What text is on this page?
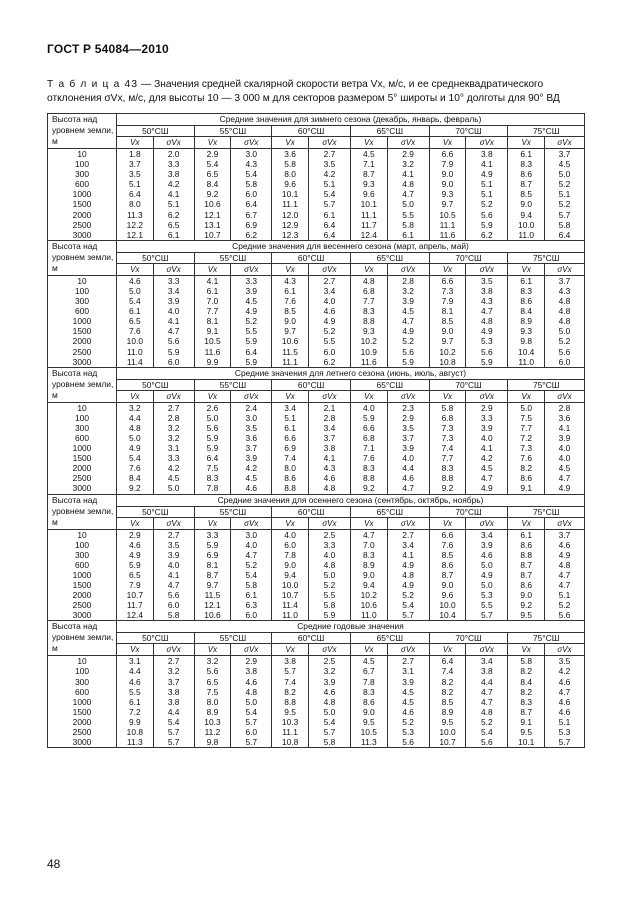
ГОСТ Р 54084—2010
Т а б л и ц а 43 — Значения средней скалярной скорости ветра Vx, м/с, и ее среднеквадратического отклонения σVx, м/с, для высоты 10 — 3 000 м для секторов размером 5° широты и 10° долготы для 90° ВД
Высота над уровнем земли, м	Средние значения для зимнего сезона (декабрь, январь, февраль)											
	50°СШ		55°СШ		60°СШ		65°СШ		70°СШ		75°СШ	
	Vx	σVx	Vx	σVx	Vx	σVx	Vx	σVx	Vx	σVx	Vx	σVx
10	1.8	2.0	2.9	3.0	3.6	2.7	4.5	2.9	6.6	3.8	6.1	3.7
100	3.7	3.3	5.4	4.3	5.8	3.5	7.1	3.2	7.9	4.1	8.3	4.5
300	3.5	3.8	6.5	5.4	8.0	4.2	8.7	4.1	9.0	4.9	8.6	5.0
600	5.1	4.2	8.4	5.8	9.6	5.1	9.3	4.8	9.0	5.1	8.7	5.2
1000	6.4	4.1	9.2	6.0	10.1	5.4	9.6	4.7	9.3	5.1	8.5	5.1
1500	8.0	5.1	10.6	6.4	11.1	5.7	10.1	5.0	9.7	5.2	9.0	5.2
2000	11.3	6.2	12.1	6.7	12.0	6.1	11.1	5.5	10.5	5.6	9.4	5.7
2500	12.2	6.5	13.1	6.9	12.9	6.4	11.7	5.8	11.1	5.9	10.0	5.8
3000	12.1	6.1	10.7	6.2	12.3	6.4	12.4	6.1	11.6	6.2	11.0	6.4
Высота над уровнем земли, м	Средние значения для весеннего сезона (март, апрель, май)											
	50°СШ		55°СШ		60°СШ		65°СШ		70°СШ		75°СШ	
	Vx	σVx	Vx	σVx	Vx	σVx	Vx	σVx	Vx	σVx	Vx	σVx
10	4.6	3.3	4.1	3.3	4.3	2.7	4.8	2.8	6.6	3.5	6.1	3.7
100	5.0	3.4	6.1	3.9	6.1	3.4	6.8	3.2	7.3	3.8	8.3	4.3
300	5.4	3.9	7.0	4.5	7.6	4.0	7.7	3.9	7.9	4.3	8.6	4.8
600	6.1	4.0	7.7	4.9	8.5	4.6	8.3	4.5	8.1	4.7	8.4	4.8
1000	6.5	4.1	8.1	5.2	9.0	4.9	8.8	4.7	8.5	4.8	8.9	4.8
1500	7.6	4.7	9.1	5.5	9.7	5.2	9.3	4.9	9.0	4.9	9.3	5.0
2000	10.0	5.6	10.5	5.9	10.6	5.5	10.2	5.2	9.7	5.3	9.8	5.2
2500	11.0	5.9	11.6	6.4	11.5	6.0	10.9	5.6	10.2	5.6	10.4	5.6
3000	11.4	6.0	9.9	5.9	11.1	6.2	11.6	5.9	10.8	5.9	11.0	6.0
Высота над уровнем земли, м	Средние значения для летнего сезона (июнь, июль, август)											
	50°СШ		55°СШ		60°СШ		65°СШ		70°СШ		75°СШ	
	Vx	σVx	Vx	σVx	Vx	σVx	Vx	σVx	Vx	σVx	Vx	σVx
10	3.2	2.7	2.6	2.4	3.4	2.1	4.0	2.3	5.8	2.9	5.0	2.8
100	4.4	2.8	5.0	3.0	5.1	2.8	5.9	2.9	6.8	3.3	7.5	3.6
300	4.8	3.2	5.6	3.5	6.1	3.4	6.6	3.5	7.3	3.9	7.7	4.1
600	5.0	3.2	5.9	3.6	6.6	3.7	6.8	3.7	7.3	4.0	7.2	3.9
1000	4.9	3.1	5.9	3.7	6.9	3.8	7.1	3.9	7.4	4.1	7.3	4.0
1500	5.4	3.3	6.4	3.9	7.4	4.1	7.6	4.0	7.7	4.2	7.6	4.0
2000	7.6	4.2	7.5	4.2	8.0	4.3	8.3	4.4	8.3	4.5	8.2	4.5
2500	8.4	4.5	8.3	4.5	8.6	4.6	8.8	4.6	8.8	4.7	8.6	4.7
3000	9.2	5.0	7.8	4.6	8.8	4.8	9.2	4.7	9.2	4.9	9.1	4.9
Высота над уровнем земли, м	Средние значения для осеннего сезона (сентябрь, октябрь, ноябрь)											
	50°СШ		55°СШ		60°СШ		65°СШ		70°СШ		75°СШ	
	Vx	σVx	Vx	σVx	Vx	σVx	Vx	σVx	Vx	σVx	Vx	σVx
10	2.9	2.7	3.3	3.0	4.0	2.5	4.7	2.7	6.6	3.4	6.1	3.7
100	4.6	3.5	5.9	4.0	6.0	3.3	7.0	3.4	7.6	3.9	8.6	4.6
300	4.9	3.9	6.9	4.7	7.8	4.0	8.3	4.1	8.5	4.6	8.8	4.9
600	5.9	4.0	8.1	5.2	9.0	4.8	8.9	4.9	8.6	5.0	8.7	4.8
1000	6.5	4.1	8.7	5.4	9.4	5.0	9.0	4.8	8.7	4.9	8.7	4.7
1500	7.9	4.7	9.7	5.8	10.0	5.2	9.4	4.9	9.0	5.0	8.6	4.7
2000	10.7	5.6	11.5	6.1	10.7	5.5	10.2	5.2	9.6	5.3	9.0	5.1
2500	11.7	6.0	12.1	6.3	11.4	5.8	10.6	5.4	10.0	5.5	9.2	5.2
3000	12.4	5.8	10.6	6.0	11.0	5.9	11.0	5.7	10.4	5.7	9.5	5.6
Высота над уровнем земли, м	Средние годовые значения											
	50°СШ		55°СШ		60°СШ		65°СШ		70°СШ		75°СШ	
	Vx	σVx	Vx	σVx	Vx	σVx	Vx	σVx	Vx	σVx	Vx	σVx
10	3.1	2.7	3.2	2.9	3.8	2.5	4.5	2.7	6.4	3.4	5.8	3.5
100	4.4	3.2	5.6	3.8	5.7	3.2	6.7	3.1	7.4	3.8	8.2	4.2
300	4.6	3.7	6.5	4.6	7.4	3.9	7.8	3.9	8.2	4.4	8.4	4.6
600	5.5	3.8	7.5	4.8	8.2	4.6	8.3	4.5	8.2	4.7	8.2	4.7
1000	6.1	3.8	8.0	5.0	8.8	4.8	8.6	4.5	8.5	4.7	8.3	4.6
1500	7.2	4.4	8.9	5.4	9.5	5.0	9.0	4.6	8.9	4.8	8.7	4.6
2000	9.9	5.4	10.3	5.7	10.3	5.4	9.5	5.2	9.5	5.2	9.1	5.1
2500	10.8	5.7	11.2	6.0	11.1	5.7	10.5	5.3	10.0	5.4	9.5	5.3
3000	11.3	5.7	9.8	5.7	10.8	5.8	11.3	5.6	10.7	5.6	10.1	5.7
48
